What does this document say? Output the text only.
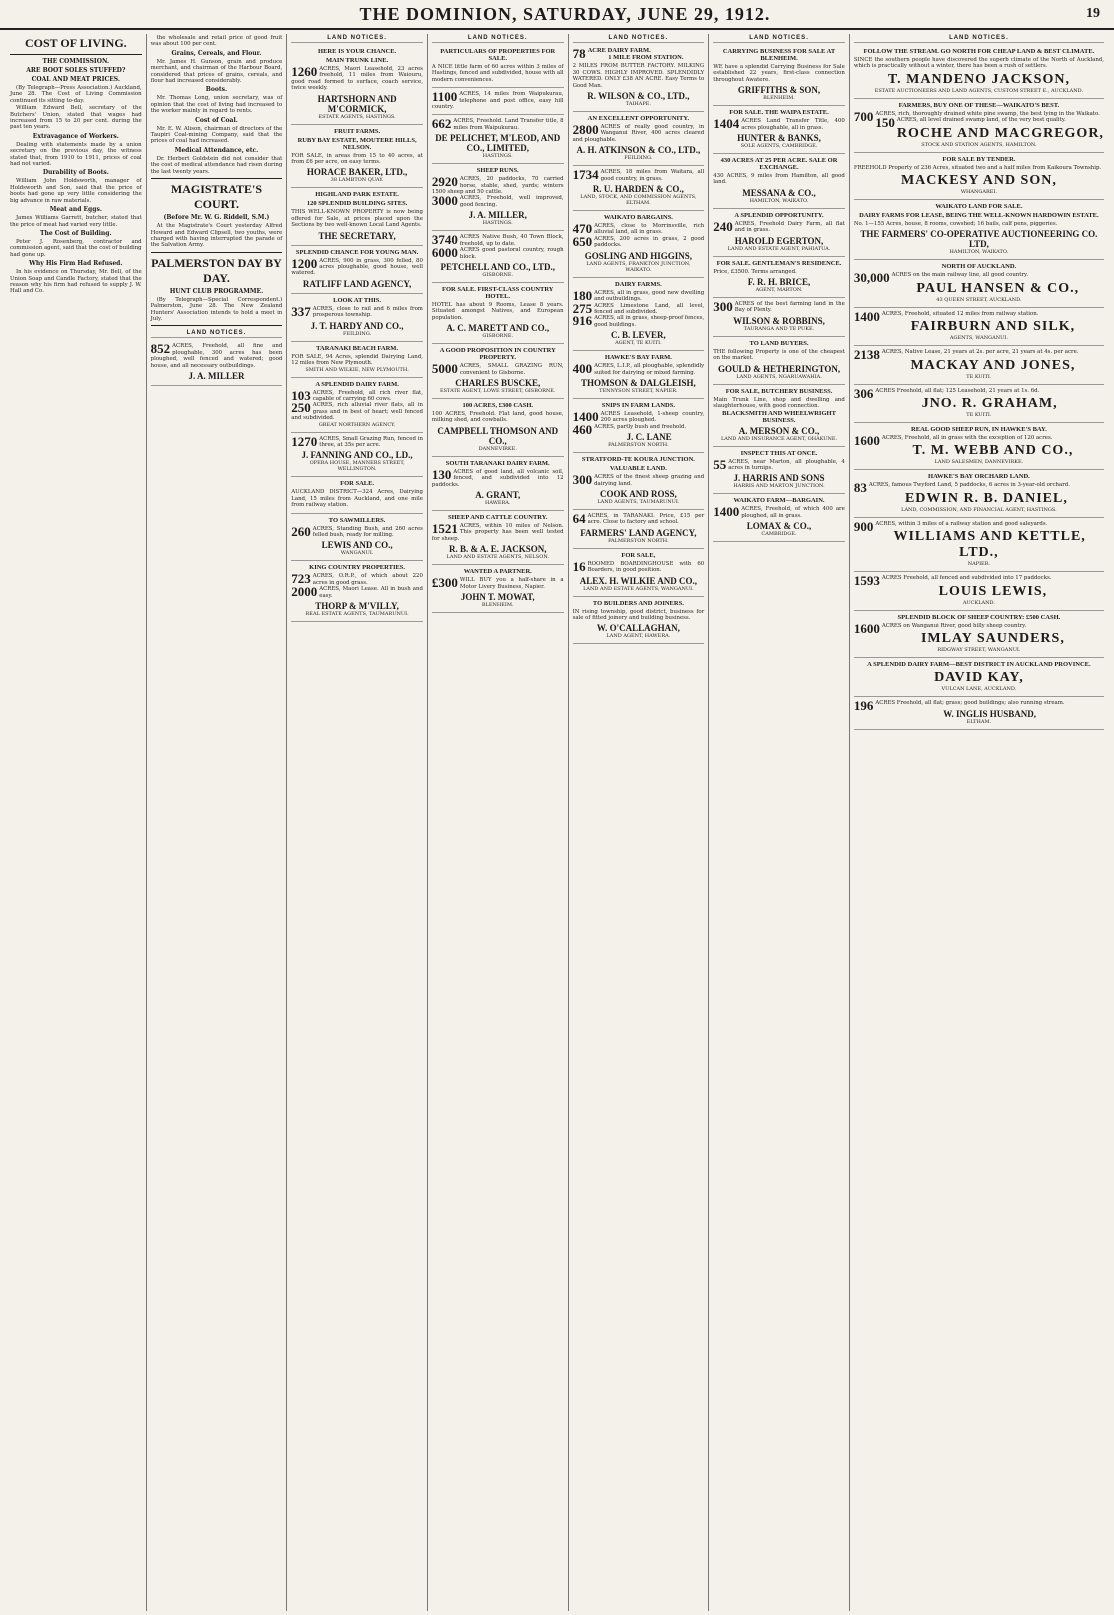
THE DOMINION, SATURDAY, JUNE 29, 1912.	19
COST OF LIVING.
THE COMMISSION.
ARE BOOT SOLES STUFFED?
COAL AND MEAT PRICES.
(By Telegraph—Press Association.) Auckland, June 28. The Cost of Living Commission continued its sitting to-day.
William Edward Bell, secretary of the Butchers' Union, stated that wages had increased from 15 to 20 per cent. during the past ten years.
Extravagance of Workers.
Dealing with statements made by a union secretary on the previous day, the witness stated that, from 1910 to 1911, prices of coal had not varied.
Durability of Boots.
William John Holdsworth, manager of Holdsworth and Son, said that the price of boots had gone up very little considering the big advance in raw materials.
Meat and Eggs.
James Williams Garrett, butcher, stated that the price of meat had varied very little.
The Cost of Building.
Peter J. Rosenberg, contractor and commission agent, said that the cost of building had gone up.
Why His Firm Had Refused.
In his evidence on Thursday, Mr. Bell, of the Union Soap and Candle Factory, stated that the reason why his firm had refused to supply J. W. Hall and Co.
the wholesale and retail price of good fruit was about 100 per cent.
Grains, Cereals, and Flour.
Mr. James H. Gunson, grain and produce merchant, and chairman of the Harbour Board, considered that prices of grains, cereals, and flour had increased considerably.
Boots.
Mr. Thomas Long, union secretary, was of opinion that the cost of living had increased to the worker mainly in regard to rents.
Cost of Coal.
Mr. E. W. Alison, chairman of directors of the Taupiri Coal-mining Company, said that the prices of coal had increased.
Medical Attendance, etc.
Dr. Herbert Goldstein did not consider that the cost of medical attendance had risen during the last twenty years.
MAGISTRATE'S COURT.
(Before Mr. W. G. Riddell, S.M.)
At the Magistrate's Court yesterday Alfred Howard and Edward Clipsell, two youths, were charged with having interrupted the parade of the Salvation Army.
PALMERSTON DAY BY DAY.
HUNT CLUB PROGRAMME.
(By Telegraph—Special Correspondent.) Palmerston, June 28. The New Zealand Hunters' Association intends to hold a meet in July.
LAND NOTICES.
852 ACRES, Freehold, all fine and ploughable, 300 acres has been ploughed, well fenced and watered; good house, and all necessary outbuildings.
J. A. MILLER
LAND NOTICES.
HERE IS YOUR CHANCE.
MAIN TRUNK LINE.
1260 ACRES, Maori Leasehold, 23 acres freehold, 11 miles from Waiouru, good road formed to surface, coach service, twice weekly.
HARTSHORN AND M'CORMICK,
ESTATE AGENTS, HASTINGS.
FRUIT FARMS.
RUBY BAY ESTATE, MOUTERE HILLS, NELSON.
FOR SALE, in areas from 15 to 40 acres, at from £6 per acre, on easy terms.
HORACE BAKER, LTD.,
38 LAMBTON QUAY.
HIGHLAND PARK ESTATE.
120 SPLENDID BUILDING SITES.
THIS WELL-KNOWN PROPERTY is now being offered for Sale, at prices placed upon the Sections by two well-known Local Land Agents.
THE SECRETARY,
SPLENDID CHANCE FOR YOUNG MAN.
1200 ACRES, 900 in grass, 300 felled, 80 acres ploughable, good house, well watered.
RATLIFF LAND AGENCY,
LOOK AT THIS.
337 ACRES, close to rail and 6 miles from prosperous township.
J. T. HARDY AND CO.,
FEILDING.
TARANAKI BEACH FARM.
FOR SALE, 94 Acres, splendid Dairying Land, 12 miles from New Plymouth.
SMITH AND WILKIE, NEW PLYMOUTH.
A SPLENDID DAIRY FARM.
103 ACRES, Freehold, all rich river flat, capable of carrying 60 cows.
250 ACRES, rich alluvial river flats, all in grass and in best of heart; well fenced and subdivided.
GREAT NORTHERN AGENCY,
1270 ACRES, Small Grazing Run, fenced in three, at 35s per acre.
J. FANNING AND CO., LD.,
OPERA HOUSE, MANNERS STREET, WELLINGTON.
FOR SALE.
AUCKLAND DISTRICT—324 Acres, Dairying Land, 15 miles from Auckland, and one mile from railway station.
TO SAWMILLERS.
260 ACRES, Standing Bush, and 260 acres felled bush, ready for milling.
LEWIS AND CO.,
WANGANUI.
KING COUNTRY PROPERTIES.
723 ACRES, O.R.P., of which about 220 acres in good grass.
2000 ACRES, Maori Lease. All in bush and easy.
THORP & M'VILLY,
REAL ESTATE AGENTS, TAUMARUNUI.
LAND NOTICES.
PARTICULARS OF PROPERTIES FOR SALE.
A NICE little farm of 60 acres within 3 miles of Hastings, fenced and subdivided, house with all modern conveniences.
1100 ACRES, 14 miles from Waipukurau, telephone and post office, easy hill country.
662 ACRES, Freehold. Land Transfer title, 8 miles from Waipukurau.
DE PELICHET, M'LEOD, AND CO., LIMITED,
HASTINGS.
SHEEP RUNS.
2920 ACRES, 20 paddocks, 70 carried horse, stable, shed, yards; winters 1500 sheep and 50 cattle.
3000 ACRES, Freehold, well improved, good fencing.
J. A. MILLER,
HASTINGS.
3740 ACRES Native Bush, 40 Town Block, freehold, up to date.
6000 ACRES good pastoral country, rough block.
PETCHELL AND CO., LTD.,
GISBORNE.
FOR SALE. FIRST-CLASS COUNTRY HOTEL.
HOTEL has about 9 Rooms, Lease 8 years. Situated amongst Natives, and European population.
A. C. MARETT AND CO.,
GISBORNE.
A GOOD PROPOSITION IN COUNTRY PROPERTY.
5000 ACRES, SMALL GRAZING RUN, convenient to Gisborne.
CHARLES BUSCKE,
ESTATE AGENT, LOWE STREET, GISBORNE.
100 ACRES, £300 CASH.
100 ACRES, Freehold. Flat land, good house, milking shed, and cowbails.
CAMPBELL THOMSON AND CO.,
DANNEVIRKE.
SOUTH TARANAKI DAIRY FARM.
130 ACRES of good land, all volcanic soil, fenced, and subdivided into 12 paddocks.
A. GRANT,
HAWERA.
SHEEP AND CATTLE COUNTRY.
1521 ACRES, within 10 miles of Nelson. This property has been well tested for sheep.
R. B. & A. E. JACKSON,
LAND AND ESTATE AGENTS, NELSON.
WANTED A PARTNER.
£300 WILL BUY you a half-share in a Motor Livery Business, Napier.
JOHN T. MOWAT,
BLENHEIM.
LAND NOTICES.
78 ACRE DAIRY FARM.
1 MILE FROM STATION.
2 MILES FROM BUTTER FACTORY. MILKING 30 COWS. HIGHLY IMPROVED. SPLENDIDLY WATERED. ONLY £38 AN ACRE. Easy Terms to Good Man.
R. WILSON & CO., LTD.,
TAIHAPE.
AN EXCELLENT OPPORTUNITY.
2800 ACRES of really good country, in Wanganui River, 400 acres cleared and ploughable.
A. H. ATKINSON & CO., LTD.,
FEILDING.
1734 ACRES, 18 miles from Waitara, all good country, in grass.
R. U. HARDEN & CO.,
LAND, STOCK, AND COMMISSION AGENTS, ELTHAM.
WAIKATO BARGAINS.
470 ACRES, close to Morrinsville, rich alluvial land, all in grass.
650 ACRES, 200 acres in grass, 2 good paddocks.
GOSLING AND HIGGINS,
LAND AGENTS, FRANKTON JUNCTION, WAIKATO.
DAIRY FARMS.
180 ACRES, all in grass, good new dwelling and outbuildings.
275 ACRES Limestone Land, all level, fenced and subdivided.
916 ACRES, all in grass, sheep-proof fences, good buildings.
C. B. LEVER,
AGENT, TE KUITI.
HAWKE'S BAY FARM.
400 ACRES, L.I.P., all ploughable, splendidly suited for dairying or mixed farming.
THOMSON & DALGLEISH,
TENNYSON STREET, NAPIER.
SNIPS IN FARM LANDS.
1400 ACRES Leasehold, 1-sheep country, 200 acres ploughed.
460 ACRES, partly bush and freehold.
J. C. LANE
PALMERSTON NORTH.
STRATFORD-TE KOURA JUNCTION.
VALUABLE LAND.
300 ACRES of the finest sheep grazing and dairying land.
COOK AND ROSS,
LAND AGENTS, TAUMARUNUI.
64 ACRES, in TARANAKI. Price, £15 per acre. Close to factory and school.
FARMERS' LAND AGENCY,
PALMERSTON NORTH.
FOR SALE,
16 ROOMED BOARDINGHOUSE with 60 Boarders, in good position.
ALEX. H. WILKIE AND CO.,
LAND AND ESTATE AGENTS, WANGANUI.
TO BUILDERS AND JOINERS.
IN rising township, good district, business for sale of fitted joinery and building business.
W. O'CALLAGHAN,
LAND AGENT, HAWERA.
LAND NOTICES.
CARRYING BUSINESS FOR SALE AT BLENHEIM.
WE have a splendid Carrying Business for Sale established 22 years, first-class connection throughout Awatere.
GRIFFITHS & SON,
BLENHEIM.
FOR SALE. THE WAIPA ESTATE.
1404 ACRES Land Transfer Title, 400 acres ploughable, all in grass.
HUNTER & BANKS,
SOLE AGENTS, CAMBRIDGE.
430 ACRES AT 25 PER ACRE. SALE OR EXCHANGE.
430 ACRES, 9 miles from Hamilton, all good land.
MESSANA & CO.,
HAMILTON, WAIKATO.
A SPLENDID OPPORTUNITY.
240 ACRES, Freehold Dairy Farm, all flat and in grass.
HAROLD EGERTON,
LAND AND ESTATE AGENT, PAHIATUA.
FOR SALE. GENTLEMAN'S RESIDENCE.
Price, £3500. Terms arranged.
F. R. H. BRICE,
AGENT, MARTON.
300 ACRES of the best farming land in the Bay of Plenty.
WILSON & ROBBINS,
TAURANGA AND TE PUKE.
TO LAND BUYERS.
THE following Property is one of the cheapest on the market.
GOULD & HETHERINGTON,
LAND AGENTS, NGARUAWAHIA.
FOR SALE, BUTCHERY BUSINESS.
Main Trunk Line, shop and dwelling and slaughterhouse, with good connection.
BLACKSMITH AND WHEELWRIGHT BUSINESS.
A. MERSON & CO.,
LAND AND INSURANCE AGENT, OHAKUNE.
INSPECT THIS AT ONCE.
55 ACRES, near Marton, all ploughable, 4 acres in turnips.
J. HARRIS AND SONS
HARRIS AND MARTON JUNCTION.
WAIKATO FARM—BARGAIN.
1400 ACRES, Freehold, of which 400 are ploughed, all in grass.
LOMAX & CO.,
CAMBRIDGE.
LAND NOTICES.
FOLLOW THE STREAM. GO NORTH FOR CHEAP LAND & BEST CLIMATE.
SINCE the southern people have discovered the superb climate of the North of Auckland, which is practically without a winter, there has been a rush of settlers.
T. MANDENO JACKSON,
ESTATE AUCTIONEERS AND LAND AGENTS, CUSTOM STREET E., AUCKLAND.
FARMERS, BUY ONE OF THESE—WAIKATO'S BEST.
700 ACRES, rich, thoroughly drained white pine swamp, the best lying in the Waikato.
150 ACRES, all level drained swamp land, of the very best quality.
ROCHE AND MACGREGOR,
STOCK AND STATION AGENTS, HAMILTON.
FOR SALE BY TENDER.
FREEHOLD Property of 236 Acres, situated two and a half miles from Kaikoura Township.
MACKESY AND SON,
WHANGAREI.
WAIKATO LAND FOR SALE.
DAIRY FARMS FOR LEASE, BEING THE WELL-KNOWN HARDOWIN ESTATE.
No. 1—155 Acres, house, 8 rooms, cowshed; 16 bails, calf pens, piggeries.
THE FARMERS' CO-OPERATIVE AUCTIONEERING CO. LTD,
HAMILTON, WAIKATO.
NORTH OF AUCKLAND.
30,000 ACRES on the main railway line, all good country.
PAUL HANSEN & CO.,
43 QUEEN STREET, AUCKLAND.
1400 ACRES, Freehold, situated 12 miles from railway station.
FAIRBURN AND SILK,
AGENTS, WANGANUI.
2138 ACRES, Native Lease, 21 years at 2s. per acre, 21 years at 4s. per acre.
MACKAY AND JONES,
TE KUITI.
306 ACRES Freehold, all flat; 125 Leasehold, 21 years at 1s. 6d.
JNO. R. GRAHAM,
TE KUITI.
REAL GOOD SHEEP RUN, IN HAWKE'S BAY.
1600 ACRES, Freehold, all in grass with the exception of 120 acres.
T. M. WEBB AND CO.,
LAND SALESMEN, DANNEVIRKE.
HAWKE'S BAY ORCHARD LAND.
83 ACRES, famous Twyford Land, 5 paddocks, 6 acres in 3-year-old orchard.
EDWIN R. B. DANIEL,
LAND, COMMISSION, AND FINANCIAL AGENT, HASTINGS.
900 ACRES, within 3 miles of a railway station and good saleyards.
WILLIAMS AND KETTLE, LTD.,
NAPIER.
1593 ACRES Freehold, all fenced and subdivided into 17 paddocks.
LOUIS LEWIS,
AUCKLAND.
SPLENDID BLOCK OF SHEEP COUNTRY: £500 CASH.
1600 ACRES on Wanganui River, good hilly sheep country.
IMLAY SAUNDERS,
RIDGWAY STREET, WANGANUI.
A SPLENDID DAIRY FARM—BEST DISTRICT IN AUCKLAND PROVINCE.
DAVID KAY,
VULCAN LANE, AUCKLAND.
196 ACRES Freehold, all flat; grass; good buildings; also running stream.
W. INGLIS HUSBAND,
ELTHAM.
